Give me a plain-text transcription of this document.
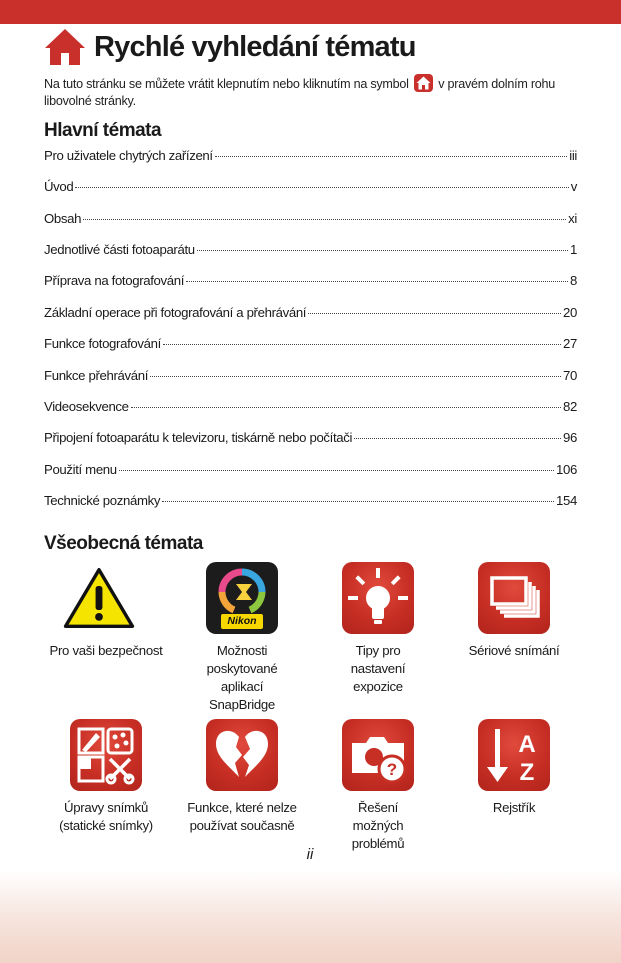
Rychlé vyhledání tématu
Na tuto stránku se můžete vrátit klepnutím nebo kliknutím na symbol v pravém dolním rohu libovolné stránky.
Hlavní témata
Pro uživatele chytrých zařízení	iii
Úvod	v
Obsah	xi
Jednotlivé části fotoaparátu	1
Příprava na fotografování	8
Základní operace při fotografování a přehrávání	20
Funkce fotografování	27
Funkce přehrávání	70
Videosekvence	82
Připojení fotoaparátu k televizoru, tiskárně nebo počítači	96
Použití menu	106
Technické poznámky	154
Všeobecná témata
Nikon
Pro vaši bezpečnost	Možnosti poskytované aplikací SnapBridge
Tipy pro nastavení expozice
Sériové snímání
?
A
Z
Úpravy snímků (statické snímky)
Funkce, které nelze používat současně
Řešení možných problémů
Rejstřík
ii
